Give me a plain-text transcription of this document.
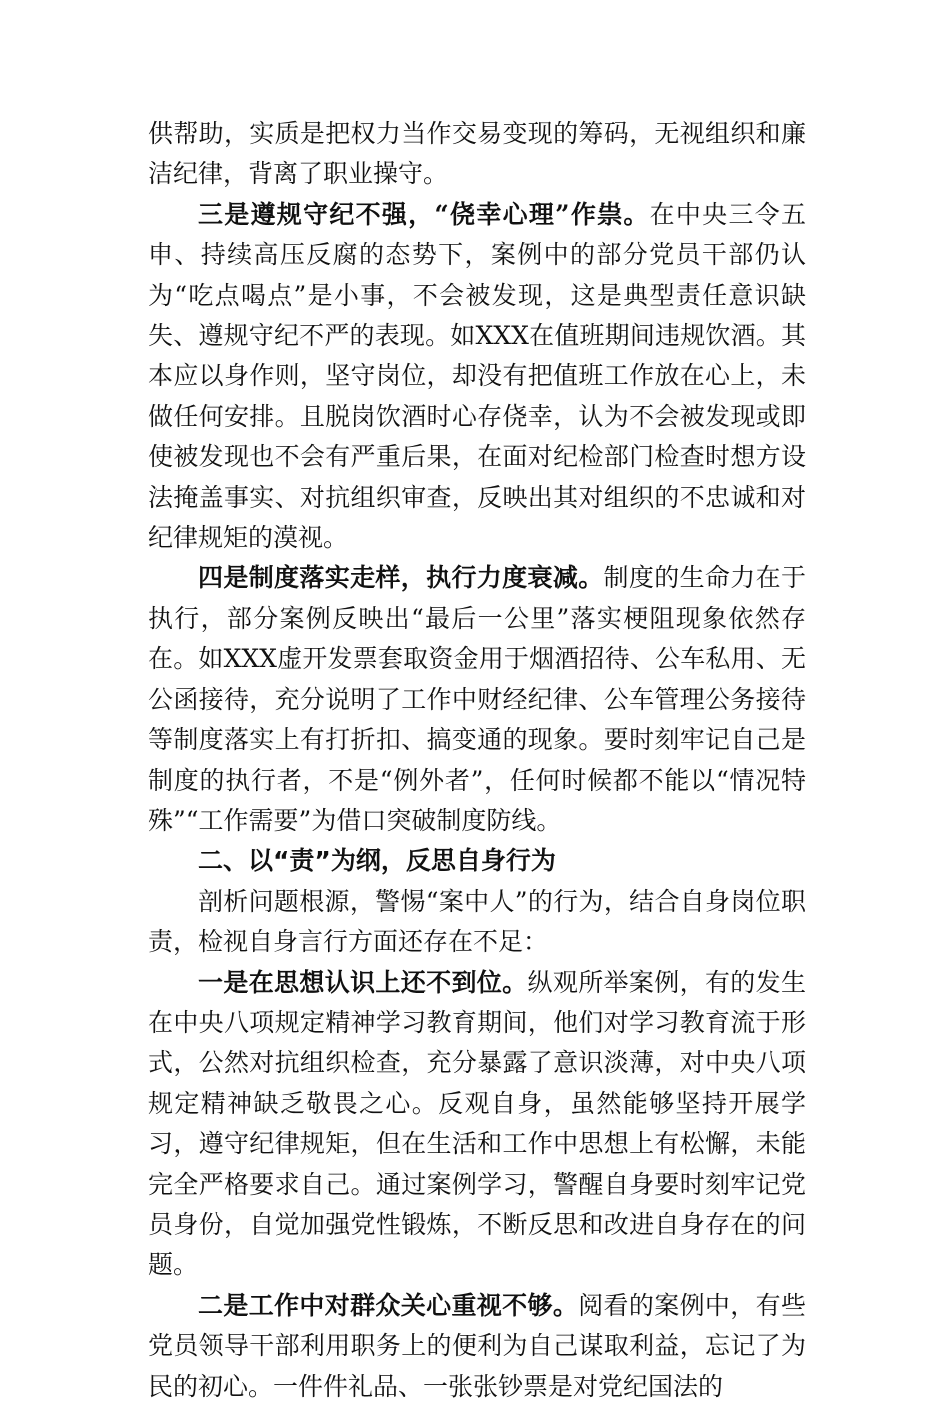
供帮助，实质是把权力当作交易变现的筹码，无视组织和廉洁纪律，背离了职业操守。

三是遵规守纪不强，“侥幸心理”作祟。在中央三令五申、持续高压反腐的态势下，案例中的部分党员干部仍认为“吃点喝点”是小事，不会被发现，这是典型责任意识缺失、遵规守纪不严的表现。如XXX在值班期间违规饮酒。其本应以身作则，坚守岗位，却没有把值班工作放在心上，未做任何安排。且脱岗饮酒时心存侥幸，认为不会被发现或即使被发现也不会有严重后果，在面对纪检部门检查时想方设法掩盖事实、对抗组织审查，反映出其对组织的不忠诚和对纪律规矩的漠视。

四是制度落实走样，执行力度衰减。制度的生命力在于执行，部分案例反映出“最后一公里”落实梗阻现象依然存在。如XXX虚开发票套取资金用于烟酒招待、公车私用、无公函接待，充分说明了工作中财经纪律、公车管理公务接待等制度落实上有打折扣、搞变通的现象。要时刻牢记自己是制度的执行者，不是“例外者”，任何时候都不能以“情况特殊”“工作需要”为借口突破制度防线。

二、以“责”为纲，反思自身行为

剖析问题根源，警惕“案中人”的行为，结合自身岗位职责，检视自身言行方面还存在不足：

一是在思想认识上还不到位。纵观所举案例，有的发生在中央八项规定精神学习教育期间，他们对学习教育流于形式，公然对抗组织检查，充分暴露了意识淡薄，对中央八项规定精神缺乏敬畏之心。反观自身，虽然能够坚持开展学习，遵守纪律规矩，但在生活和工作中思想上有松懈，未能完全严格要求自己。通过案例学习，警醒自身要时刻牢记党员身份，自觉加强党性锻炼，不断反思和改进自身存在的问题。

二是工作中对群众关心重视不够。阅看的案例中，有些党员领导干部利用职务上的便利为自己谋取利益，忘记了为民的初心。一件件礼品、一张张钞票是对党纪国法的
